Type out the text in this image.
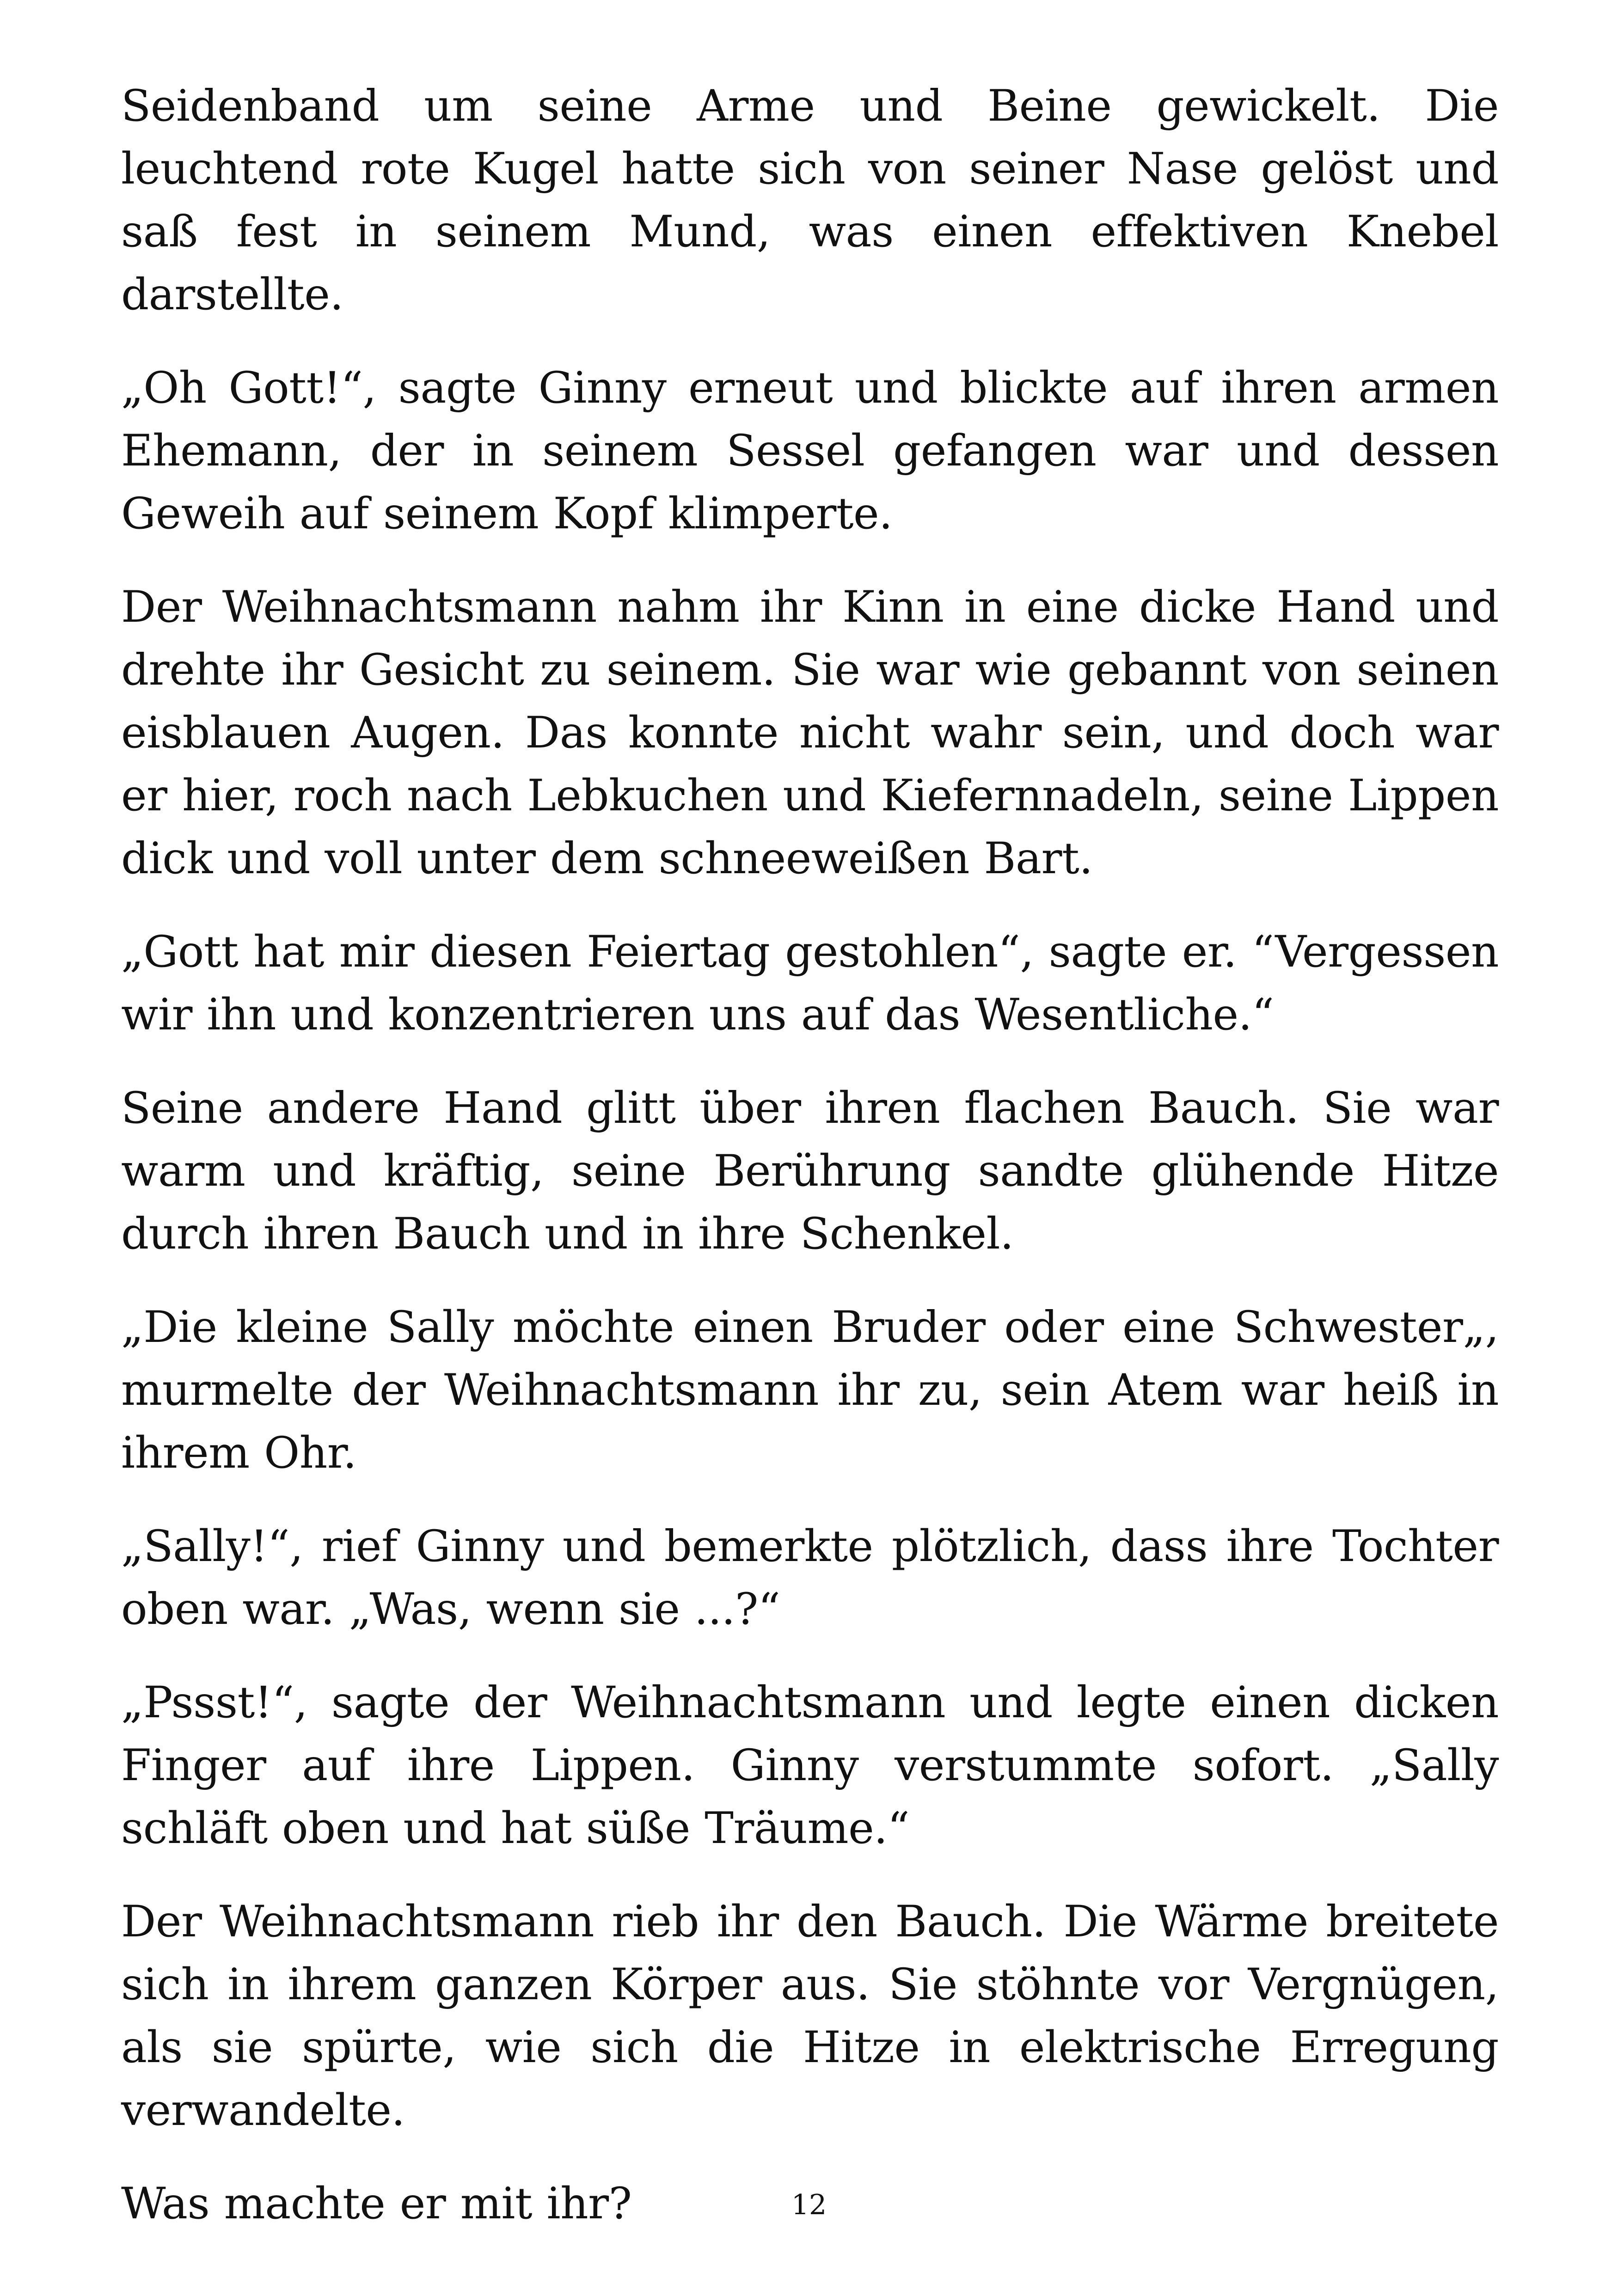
Seidenband um seine Arme und Beine gewickelt. Die leuchtend rote Kugel hatte sich von seiner Nase gelöst und saß fest in seinem Mund, was einen effektiven Knebel darstellte.

„Oh Gott!“, sagte Ginny erneut und blickte auf ihren armen Ehemann, der in seinem Sessel gefangen war und dessen Geweih auf seinem Kopf klimperte.

Der Weihnachtsmann nahm ihr Kinn in eine dicke Hand und drehte ihr Gesicht zu seinem. Sie war wie gebannt von seinen eisblauen Augen. Das konnte nicht wahr sein, und doch war er hier, roch nach Lebkuchen und Kiefernnadeln, seine Lippen dick und voll unter dem schneeweißen Bart.

„Gott hat mir diesen Feiertag gestohlen“, sagte er. “Vergessen wir ihn und konzentrieren uns auf das Wesentliche.“

Seine andere Hand glitt über ihren flachen Bauch. Sie war warm und kräftig, seine Berührung sandte glühende Hitze durch ihren Bauch und in ihre Schenkel.

„Die kleine Sally möchte einen Bruder oder eine Schwester„, murmelte der Weihnachtsmann ihr zu, sein Atem war heiß in ihrem Ohr.

„Sally!“, rief Ginny und bemerkte plötzlich, dass ihre Tochter oben war. „Was, wenn sie ...?“

„Pssst!“, sagte der Weihnachtsmann und legte einen dicken Finger auf ihre Lippen. Ginny verstummte sofort. „Sally schläft oben und hat süße Träume.“

Der Weihnachtsmann rieb ihr den Bauch. Die Wärme breitete sich in ihrem ganzen Körper aus. Sie stöhnte vor Vergnügen, als sie spürte, wie sich die Hitze in elektrische Erregung verwandelte.

Was machte er mit ihr?	12
